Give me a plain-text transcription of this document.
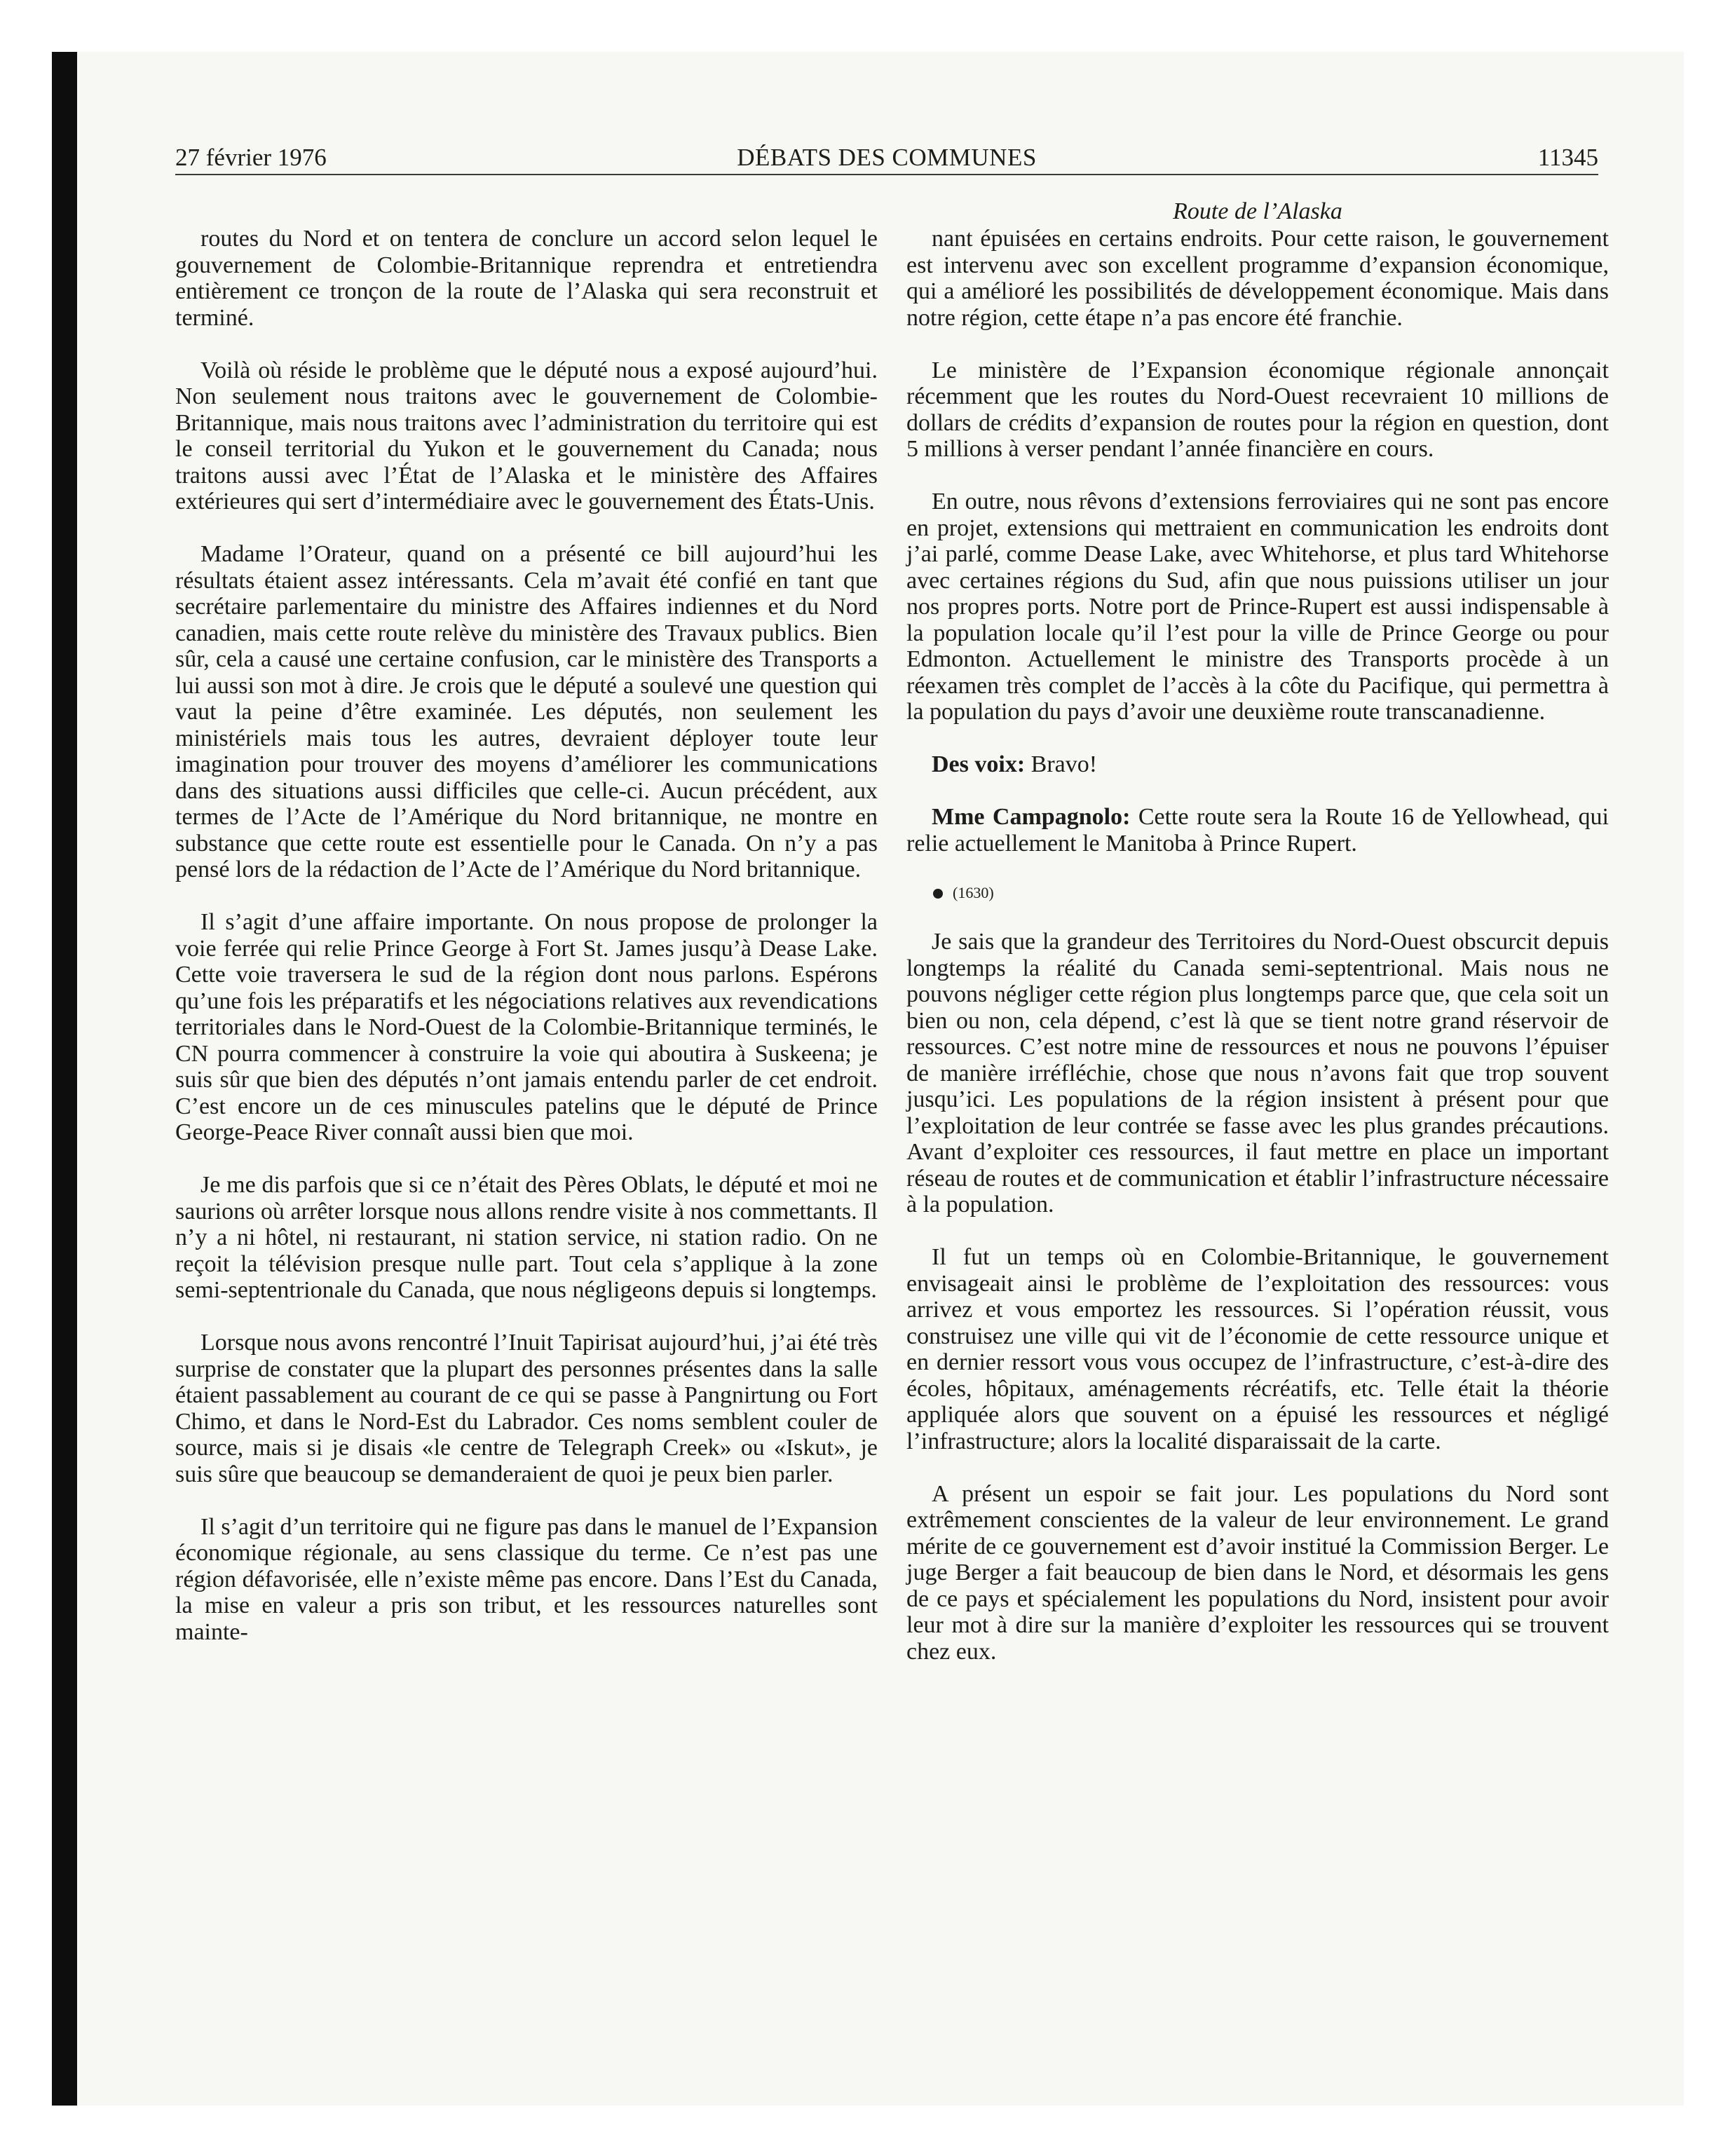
27 février 1976	DÉBATS DES COMMUNES	11345

routes du Nord et on tentera de conclure un accord selon lequel le gouvernement de Colombie-Britannique reprendra et entretiendra entièrement ce tronçon de la route de l’Alaska qui sera reconstruit et terminé.

Voilà où réside le problème que le député nous a exposé aujourd’hui. Non seulement nous traitons avec le gouvernement de Colombie-Britannique, mais nous traitons avec l’administration du territoire qui est le conseil territorial du Yukon et le gouvernement du Canada; nous traitons aussi avec l’État de l’Alaska et le ministère des Affaires extérieures qui sert d’intermédiaire avec le gouvernement des États-Unis.

Madame l’Orateur, quand on a présenté ce bill aujourd’hui les résultats étaient assez intéressants. Cela m’avait été confié en tant que secrétaire parlementaire du ministre des Affaires indiennes et du Nord canadien, mais cette route relève du ministère des Travaux publics. Bien sûr, cela a causé une certaine confusion, car le ministère des Transports a lui aussi son mot à dire. Je crois que le député a soulevé une question qui vaut la peine d’être examinée. Les députés, non seulement les ministériels mais tous les autres, devraient déployer toute leur imagination pour trouver des moyens d’améliorer les communications dans des situations aussi difficiles que celle-ci. Aucun précédent, aux termes de l’Acte de l’Amérique du Nord britannique, ne montre en substance que cette route est essentielle pour le Canada. On n’y a pas pensé lors de la rédaction de l’Acte de l’Amérique du Nord britannique.

Il s’agit d’une affaire importante. On nous propose de prolonger la voie ferrée qui relie Prince George à Fort St. James jusqu’à Dease Lake. Cette voie traversera le sud de la région dont nous parlons. Espérons qu’une fois les préparatifs et les négociations relatives aux revendications territoriales dans le Nord-Ouest de la Colombie-Britannique terminés, le CN pourra commencer à construire la voie qui aboutira à Suskeena; je suis sûr que bien des députés n’ont jamais entendu parler de cet endroit. C’est encore un de ces minuscules patelins que le député de Prince George-Peace River connaît aussi bien que moi.

Je me dis parfois que si ce n’était des Pères Oblats, le député et moi ne saurions où arrêter lorsque nous allons rendre visite à nos commettants. Il n’y a ni hôtel, ni restaurant, ni station service, ni station radio. On ne reçoit la télévision presque nulle part. Tout cela s’applique à la zone semi-septentrionale du Canada, que nous négligeons depuis si longtemps.

Lorsque nous avons rencontré l’Inuit Tapirisat aujourd’hui, j’ai été très surprise de constater que la plupart des personnes présentes dans la salle étaient passablement au courant de ce qui se passe à Pangnirtung ou Fort Chimo, et dans le Nord-Est du Labrador. Ces noms semblent couler de source, mais si je disais «le centre de Telegraph Creek» ou «Iskut», je suis sûre que beaucoup se demanderaient de quoi je peux bien parler.

Il s’agit d’un territoire qui ne figure pas dans le manuel de l’Expansion économique régionale, au sens classique du terme. Ce n’est pas une région défavorisée, elle n’existe même pas encore. Dans l’Est du Canada, la mise en valeur a pris son tribut, et les ressources naturelles sont mainte-

Route de l’Alaska

nant épuisées en certains endroits. Pour cette raison, le gouvernement est intervenu avec son excellent programme d’expansion économique, qui a amélioré les possibilités de développement économique. Mais dans notre région, cette étape n’a pas encore été franchie.

Le ministère de l’Expansion économique régionale annonçait récemment que les routes du Nord-Ouest recevraient 10 millions de dollars de crédits d’expansion de routes pour la région en question, dont 5 millions à verser pendant l’année financière en cours.

En outre, nous rêvons d’extensions ferroviaires qui ne sont pas encore en projet, extensions qui mettraient en communication les endroits dont j’ai parlé, comme Dease Lake, avec Whitehorse, et plus tard Whitehorse avec certaines régions du Sud, afin que nous puissions utiliser un jour nos propres ports. Notre port de Prince-Rupert est aussi indispensable à la population locale qu’il l’est pour la ville de Prince George ou pour Edmonton. Actuellement le ministre des Transports procède à un réexamen très complet de l’accès à la côte du Pacifique, qui permettra à la population du pays d’avoir une deuxième route transcanadienne.

Des voix: Bravo!

Mme Campagnolo: Cette route sera la Route 16 de Yellowhead, qui relie actuellement le Manitoba à Prince Rupert.

(1630)

Je sais que la grandeur des Territoires du Nord-Ouest obscurcit depuis longtemps la réalité du Canada semi-septentrional. Mais nous ne pouvons négliger cette région plus longtemps parce que, que cela soit un bien ou non, cela dépend, c’est là que se tient notre grand réservoir de ressources. C’est notre mine de ressources et nous ne pouvons l’épuiser de manière irréfléchie, chose que nous n’avons fait que trop souvent jusqu’ici. Les populations de la région insistent à présent pour que l’exploitation de leur contrée se fasse avec les plus grandes précautions. Avant d’exploiter ces ressources, il faut mettre en place un important réseau de routes et de communication et établir l’infrastructure nécessaire à la population.

Il fut un temps où en Colombie-Britannique, le gouvernement envisageait ainsi le problème de l’exploitation des ressources: vous arrivez et vous emportez les ressources. Si l’opération réussit, vous construisez une ville qui vit de l’économie de cette ressource unique et en dernier ressort vous vous occupez de l’infrastructure, c’est-à-dire des écoles, hôpitaux, aménagements récréatifs, etc. Telle était la théorie appliquée alors que souvent on a épuisé les ressources et négligé l’infrastructure; alors la localité disparaissait de la carte.

A présent un espoir se fait jour. Les populations du Nord sont extrêmement conscientes de la valeur de leur environnement. Le grand mérite de ce gouvernement est d’avoir institué la Commission Berger. Le juge Berger a fait beaucoup de bien dans le Nord, et désormais les gens de ce pays et spécialement les populations du Nord, insistent pour avoir leur mot à dire sur la manière d’exploiter les ressources qui se trouvent chez eux.
